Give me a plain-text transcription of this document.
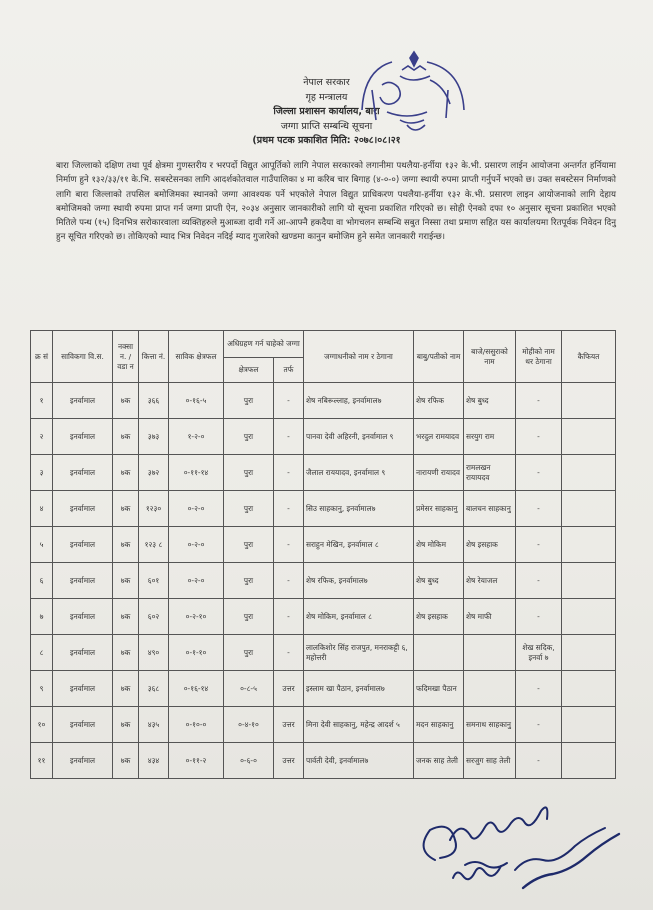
नेपाल सरकार
गृह मन्त्रालय
जिल्ला प्रशासन कार्यालय, बारा
जग्गा प्राप्ति सम्बन्धि सूचना
(प्रथम पटक प्रकाशित मिति: २०७८।०८।२१
बारा जिल्लाको दक्षिण तथा पूर्व क्षेत्रमा गुणस्तरीय र भरपर्दो विद्युत आपूर्तिको लागि नेपाल सरकारको लगानीमा पथलैया-हर्नीया १३२ के.भी. प्रसारण लाईन आयोजना अन्तर्गत हर्नियामा निर्माण हुने १३२/३३/११ के.भि. सबस्टेसनका लागि आदर्शकोतवाल गाउँपालिका ४ मा करिब चार बिगाह (४-०-०) जग्गा स्थायी रुपमा प्राप्ती गर्नुपर्ने भएको छ। उक्त सबस्टेसन निर्माणको लागि बारा जिल्लाको तपसिल बमोजिमका स्थानको जग्गा आवश्यक पर्ने भएकोले नेपाल विद्युत प्राधिकरण पथलैया-हर्नीया १३२ के.भी. प्रसारण लाइन आयोजनाको लागि देहाय बमोजिमको जग्गा स्थायी रुपमा प्राप्त गर्न जग्गा प्राप्ती ऐन, २०३४ अनुसार जानकारीको लागि यो सूचना प्रकाशित गरिएको छ। सोही ऐनको दफा १० अनुसार सूचना प्रकाशित भएको मितिले पन्ध (१५) दिनभित्र सरोकारवाला व्यक्तिहरुले मुआब्जा दावी गर्ने आ-आफ्नै हकदैया वा भोगचलन सम्बन्धि सबुत निस्सा तथा प्रमाण सहित यस कार्यालयमा रितपूर्वक निवेदन दिनु हुन सूचित गरिएको छ। तोकिएको म्याद भित्र निवेदन नदिई म्याद गुजारेको खण्डमा कानुन बमोजिम हुने समेत जानकारी गराईन्छ।
क्र सं	साविकगा वि.स.	नक्सा न. / वडा न	कित्ता नं.	साविक क्षेत्रफल	अधिग्रहण गर्न चाहेको जग्गा		जग्गाधनीको नाम र ठेगाना	बाबु/पतीको नाम	बाजे/ससुराको नाम	मोहीको नाम थर ठेगाना	कैफियत
					क्षेत्रफल	तर्फ					
१	इनर्वामाल	७क	३६६	०-१६-५	पुरा	-	शेष नबिरूल्लाह, इनर्वामाल७	शेष रफिक	शेष बुध्द	-	
२	इनर्वामाल	७क	३७३	१-२-०	पुरा	-	पानवा देवी अहिरनी, इनर्वामाल ९	भरदुल रामयादव	सरयुग राम	-	
३	इनर्वामाल	७क	३७२	०-११-१४	पुरा	-	जैलाल राययादव, इनर्वामाल ९	नारायणी रायादव	रामलखन रायायदव	-	
४	इनर्वामाल	७क	१२३०	०-२-०	पुरा	-	सिउ साहकानु, इनर्वामाल७	प्रमेसर साहकानु	बालचन साहकानु	-	
५	इनर्वामाल	७क	१२३ ८	०-२-०	पुरा	-	सराहुन मेखिन, इनर्वामाल ८	शेष मोकिम	शेष इसहाक	-	
६	इनर्वामाल	७क	६०१	०-२-०	पुरा	-	शेष रफिक, इनर्वामाल७	शेष बुध्द	शेष रेयाजल	-	
७	इनर्वामाल	७क	६०२	०-२-१०	पुरा	-	शेष मोकिम, इनर्वामाल ८	शेष इसहाक	शेष माफी	-	
८	इनर्वामाल	७क	४९०	०-१-१०	पुरा	-	लालकिशोर सिंह राजपुत, मनराकट्टी ६, महोत्तरी			शेख सदिक, इनर्वा ७	
९	इनर्वामाल	७क	३६८	०-१६-१४	०-८-५	उत्तर	इस्लाम खा पैठान, इनर्वामाल७	फदिमखा पैठान		-	
१०	इनर्वामाल	७क	४३५	०-१०-०	०-४-१०	उत्तर	मिना देवी साहकानु, महेन्द्र आदर्श ५	मदन साहकानु	समनाथ साहकानु	-	
११	इनर्वामाल	७क	४३४	०-११-२	०-६-०	उत्तर	पार्वती देवी, इनर्वामाल७	जनक साह तेली	सरजुग साह तेली	-	
